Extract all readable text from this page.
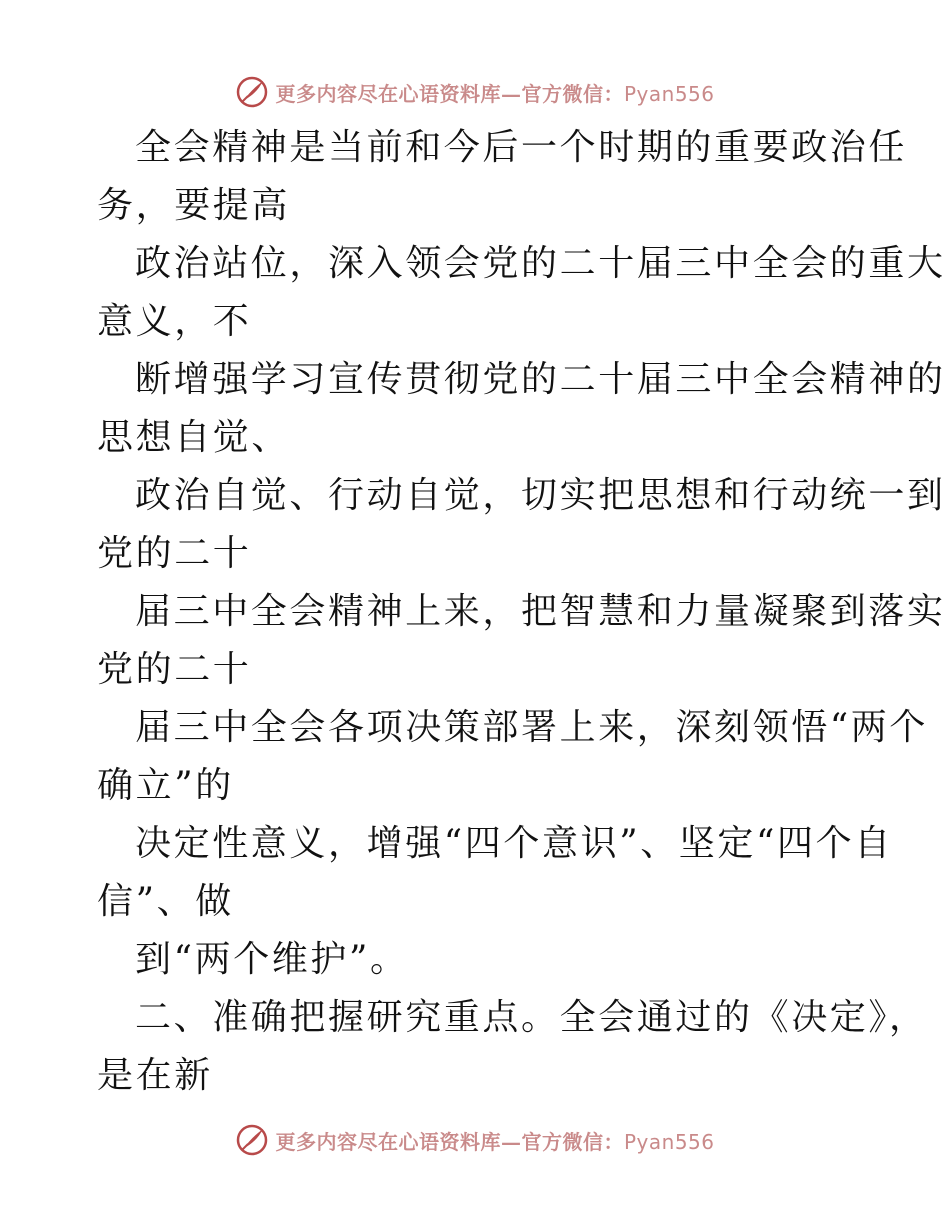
更多内容尽在心语资料库—官方微信：Pyan556
全会精神是当前和今后一个时期的重要政治任
务，要提高
政治站位，深入领会党的二十届三中全会的重大
意义，不
断增强学习宣传贯彻党的二十届三中全会精神的
思想自觉、
政治自觉、行动自觉，切实把思想和行动统一到
党的二十
届三中全会精神上来，把智慧和力量凝聚到落实
党的二十
届三中全会各项决策部署上来，深刻领悟“两个
确立”的
决定性意义，增强“四个意识”、坚定“四个自
信”、做
到“两个维护”。
二、准确把握研究重点。全会通过的《决定》，
是在新
更多内容尽在心语资料库—官方微信：Pyan556
